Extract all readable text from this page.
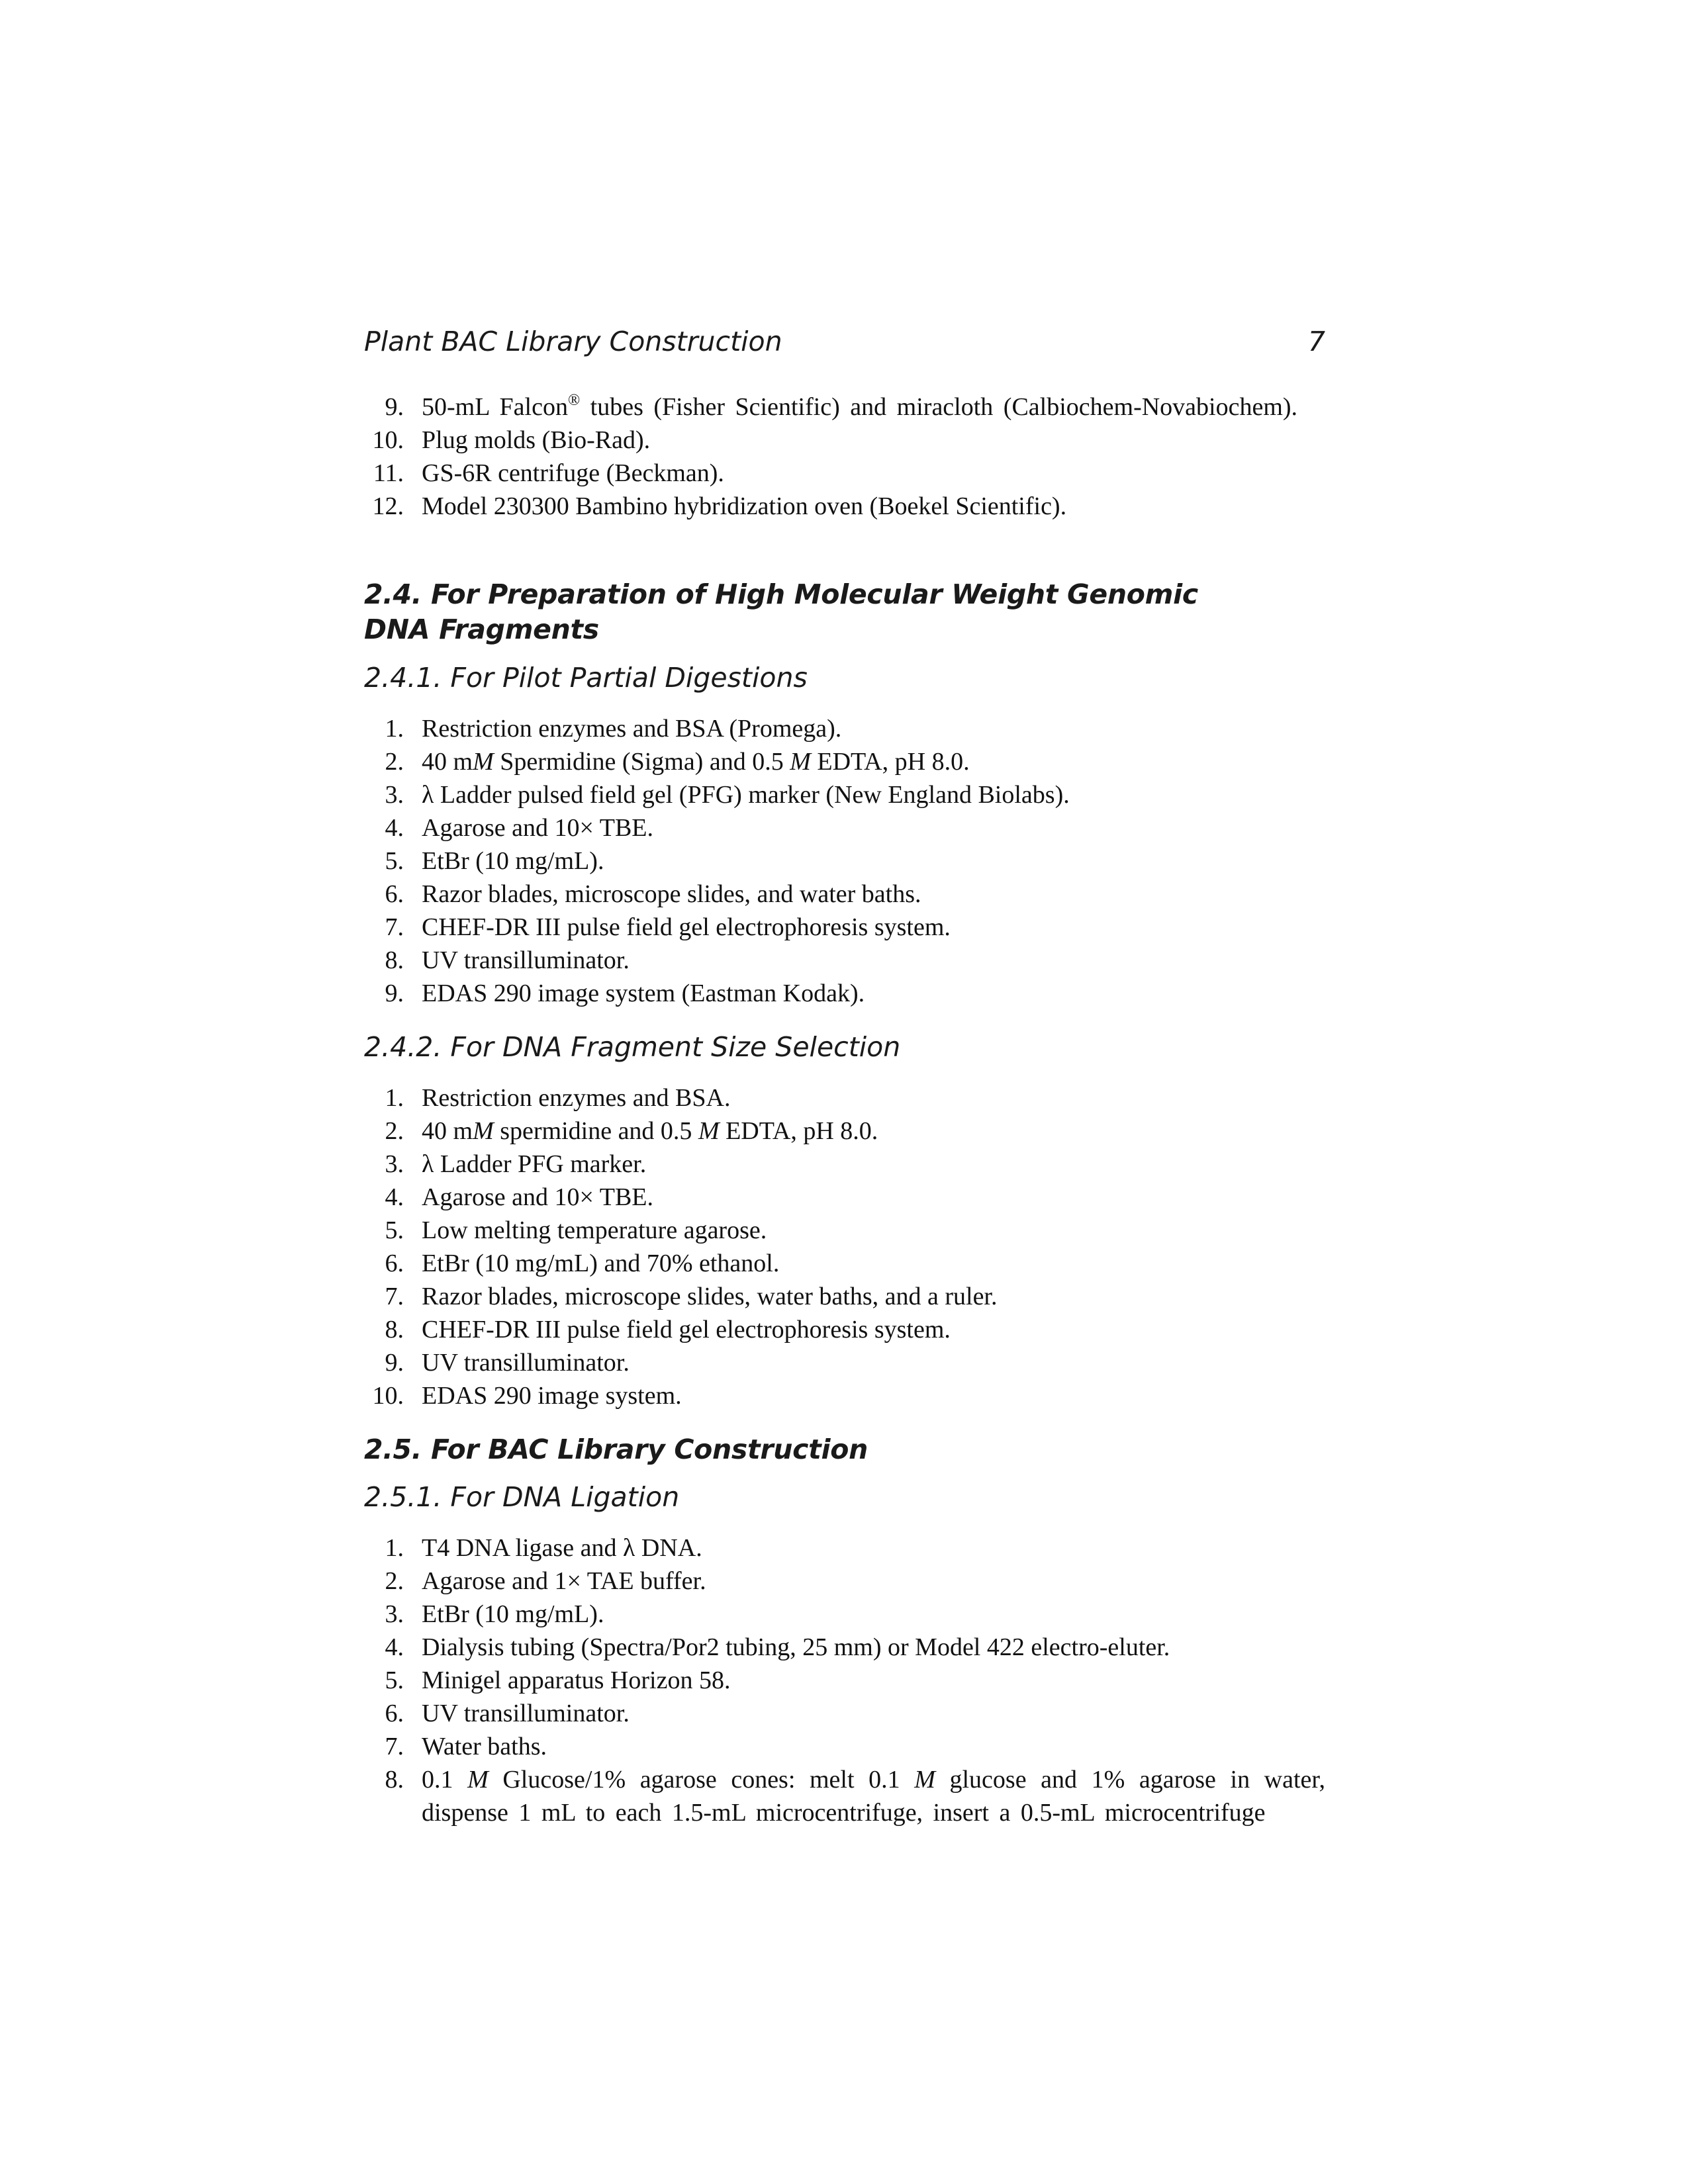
Plant BAC Library Construction	7
9. 50-mL Falcon® tubes (Fisher Scientific) and miracloth (Calbiochem-Novabiochem).
10. Plug molds (Bio-Rad).
11. GS-6R centrifuge (Beckman).
12. Model 230300 Bambino hybridization oven (Boekel Scientific).
2.4. For Preparation of High Molecular Weight Genomic
DNA Fragments
2.4.1. For Pilot Partial Digestions
1. Restriction enzymes and BSA (Promega).
2. 40 mM Spermidine (Sigma) and 0.5 M EDTA, pH 8.0.
3. λ Ladder pulsed field gel (PFG) marker (New England Biolabs).
4. Agarose and 10× TBE.
5. EtBr (10 mg/mL).
6. Razor blades, microscope slides, and water baths.
7. CHEF-DR III pulse field gel electrophoresis system.
8. UV transilluminator.
9. EDAS 290 image system (Eastman Kodak).
2.4.2. For DNA Fragment Size Selection
1. Restriction enzymes and BSA.
2. 40 mM spermidine and 0.5 M EDTA, pH 8.0.
3. λ Ladder PFG marker.
4. Agarose and 10× TBE.
5. Low melting temperature agarose.
6. EtBr (10 mg/mL) and 70% ethanol.
7. Razor blades, microscope slides, water baths, and a ruler.
8. CHEF-DR III pulse field gel electrophoresis system.
9. UV transilluminator.
10. EDAS 290 image system.
2.5. For BAC Library Construction
2.5.1. For DNA Ligation
1. T4 DNA ligase and λ DNA.
2. Agarose and 1× TAE buffer.
3. EtBr (10 mg/mL).
4. Dialysis tubing (Spectra/Por2 tubing, 25 mm) or Model 422 electro-eluter.
5. Minigel apparatus Horizon 58.
6. UV transilluminator.
7. Water baths.
8. 0.1 M Glucose/1% agarose cones: melt 0.1 M glucose and 1% agarose in water, dispense 1 mL to each 1.5-mL microcentrifuge, insert a 0.5-mL microcentrifuge
